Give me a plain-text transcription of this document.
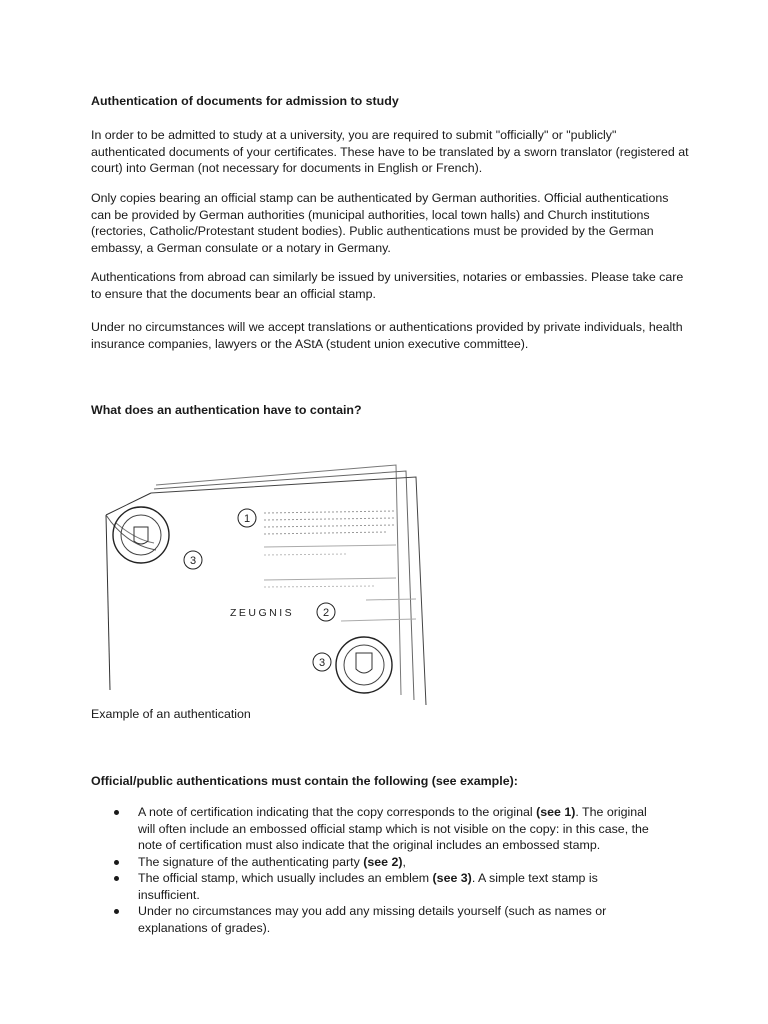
Authentication of documents for admission to study

In order to be admitted to study at a university, you are required to submit "officially" or "publicly" authenticated documents of your certificates. These have to be translated by a sworn translator (registered at court) into German (not necessary for documents in English or French).

Only copies bearing an official stamp can be authenticated by German authorities. Official authentications can be provided by German authorities (municipal authorities, local town halls) and Church institutions (rectories, Catholic/Protestant student bodies). Public authentications must be provided by the German embassy, a German consulate or a notary in Germany.

Authentications from abroad can similarly be issued by universities, notaries or embassies. Please take care to ensure that the documents bear an official stamp.

Under no circumstances will we accept translations or authentications provided by private individuals, health insurance companies, lawyers or the AStA (student union executive committee).

What does an authentication have to contain?
1
3
2
3
ZEUGNIS

Example of an authentication

Official/public authentications must contain the following (see example):
A note of certification indicating that the copy corresponds to the original (see 1). The original will often include an embossed official stamp which is not visible on the copy: in this case, the note of certification must also indicate that the original includes an embossed stamp.
The signature of the authenticating party (see 2),
The official stamp, which usually includes an emblem (see 3). A simple text stamp is insufficient.
Under no circumstances may you add any missing details yourself (such as names or explanations of grades).
